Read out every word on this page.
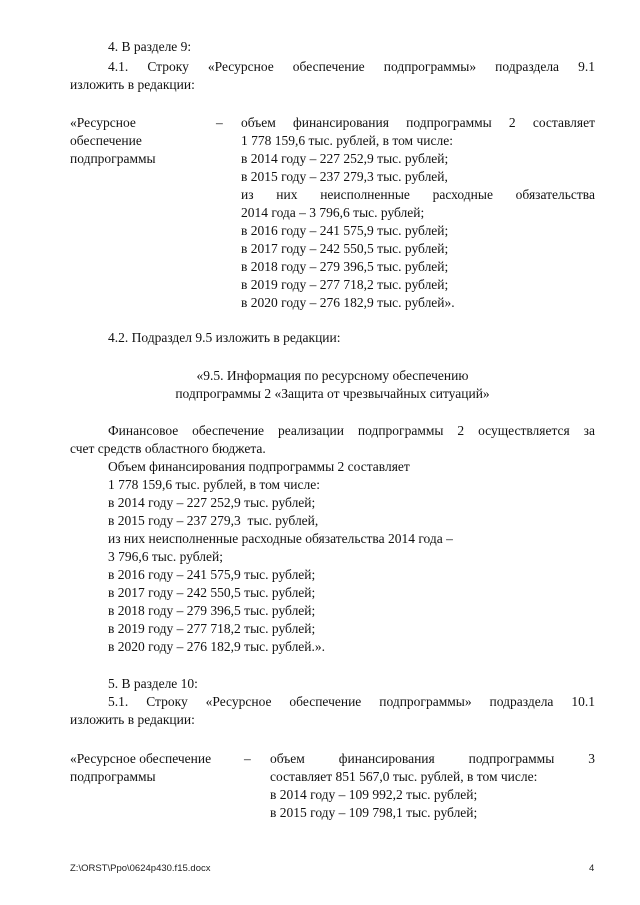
4. В разделе 9:
4.1. Строку «Ресурсное обеспечение подпрограммы» подраздела 9.1
изложить в редакции:
«Ресурсное
обеспечение
подпрограммы
– объем финансирования подпрограммы 2 составляет
1 778 159,6 тыс. рублей, в том числе:
в 2014 году – 227 252,9 тыс. рублей;
в 2015 году – 237 279,3 тыс. рублей,
из них неисполненные расходные обязательства
2014 года – 3 796,6 тыс. рублей;
в 2016 году – 241 575,9 тыс. рублей;
в 2017 году – 242 550,5 тыс. рублей;
в 2018 году – 279 396,5 тыс. рублей;
в 2019 году – 277 718,2 тыс. рублей;
в 2020 году – 276 182,9 тыс. рублей».
4.2. Подраздел 9.5 изложить в редакции:
«9.5. Информация по ресурсному обеспечению
подпрограммы 2 «Защита от чрезвычайных ситуаций»
Финансовое обеспечение реализации подпрограммы 2 осуществляется за
счет средств областного бюджета.
Объем финансирования подпрограммы 2 составляет
1 778 159,6 тыс. рублей, в том числе:
в 2014 году – 227 252,9 тыс. рублей;
в 2015 году – 237 279,3  тыс. рублей,
из них неисполненные расходные обязательства 2014 года –
3 796,6 тыс. рублей;
в 2016 году – 241 575,9 тыс. рублей;
в 2017 году – 242 550,5 тыс. рублей;
в 2018 году – 279 396,5 тыс. рублей;
в 2019 году – 277 718,2 тыс. рублей;
в 2020 году – 276 182,9 тыс. рублей.».
5. В разделе 10:
5.1. Строку «Ресурсное обеспечение подпрограммы» подраздела 10.1
изложить в редакции:
«Ресурсное обеспечение
подпрограммы
– объем финансирования подпрограммы 3
составляет 851 567,0 тыс. рублей, в том числе:
в 2014 году – 109 992,2 тыс. рублей;
в 2015 году – 109 798,1 тыс. рублей;
Z:\ORST\Ppo\0624p430.f15.docx	4
